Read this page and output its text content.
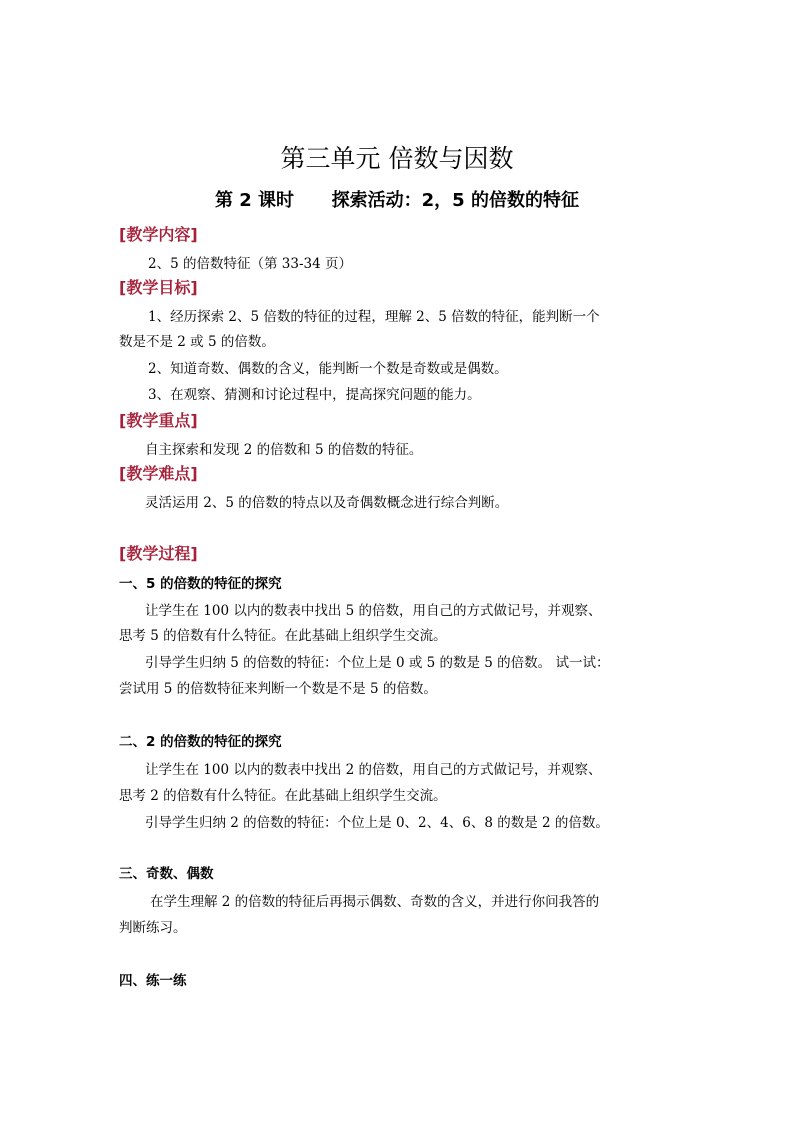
第三单元 倍数与因数
第 2 课时      探索活动：2，5 的倍数的特征
[教学内容]
2、5 的倍数特征（第 33-34 页）
[教学目标]
1、经历探索 2、5 倍数的特征的过程，理解 2、5 倍数的特征，能判断一个
数是不是 2 或 5 的倍数。
2、知道奇数、偶数的含义，能判断一个数是奇数或是偶数。
3、在观察、猜测和讨论过程中，提高探究问题的能力。
[教学重点]
自主探索和发现 2 的倍数和 5 的倍数的特征。
[教学难点]
灵活运用 2、5 的倍数的特点以及奇偶数概念进行综合判断。
[教学过程]
一、5 的倍数的特征的探究
让学生在 100 以内的数表中找出 5 的倍数，用自己的方式做记号，并观察、
思考 5 的倍数有什么特征。在此基础上组织学生交流。
引导学生归纳 5 的倍数的特征：个位上是 0 或 5 的数是 5 的倍数。 试一试：
尝试用 5 的倍数特征来判断一个数是不是 5 的倍数。
二、2 的倍数的特征的探究
让学生在 100 以内的数表中找出 2 的倍数，用自己的方式做记号，并观察、
思考 2 的倍数有什么特征。在此基础上组织学生交流。
引导学生归纳 2 的倍数的特征：个位上是 0、2、4、6、8 的数是 2 的倍数。
三、奇数、偶数
在学生理解 2 的倍数的特征后再揭示偶数、奇数的含义，并进行你问我答的
判断练习。
四、练一练
